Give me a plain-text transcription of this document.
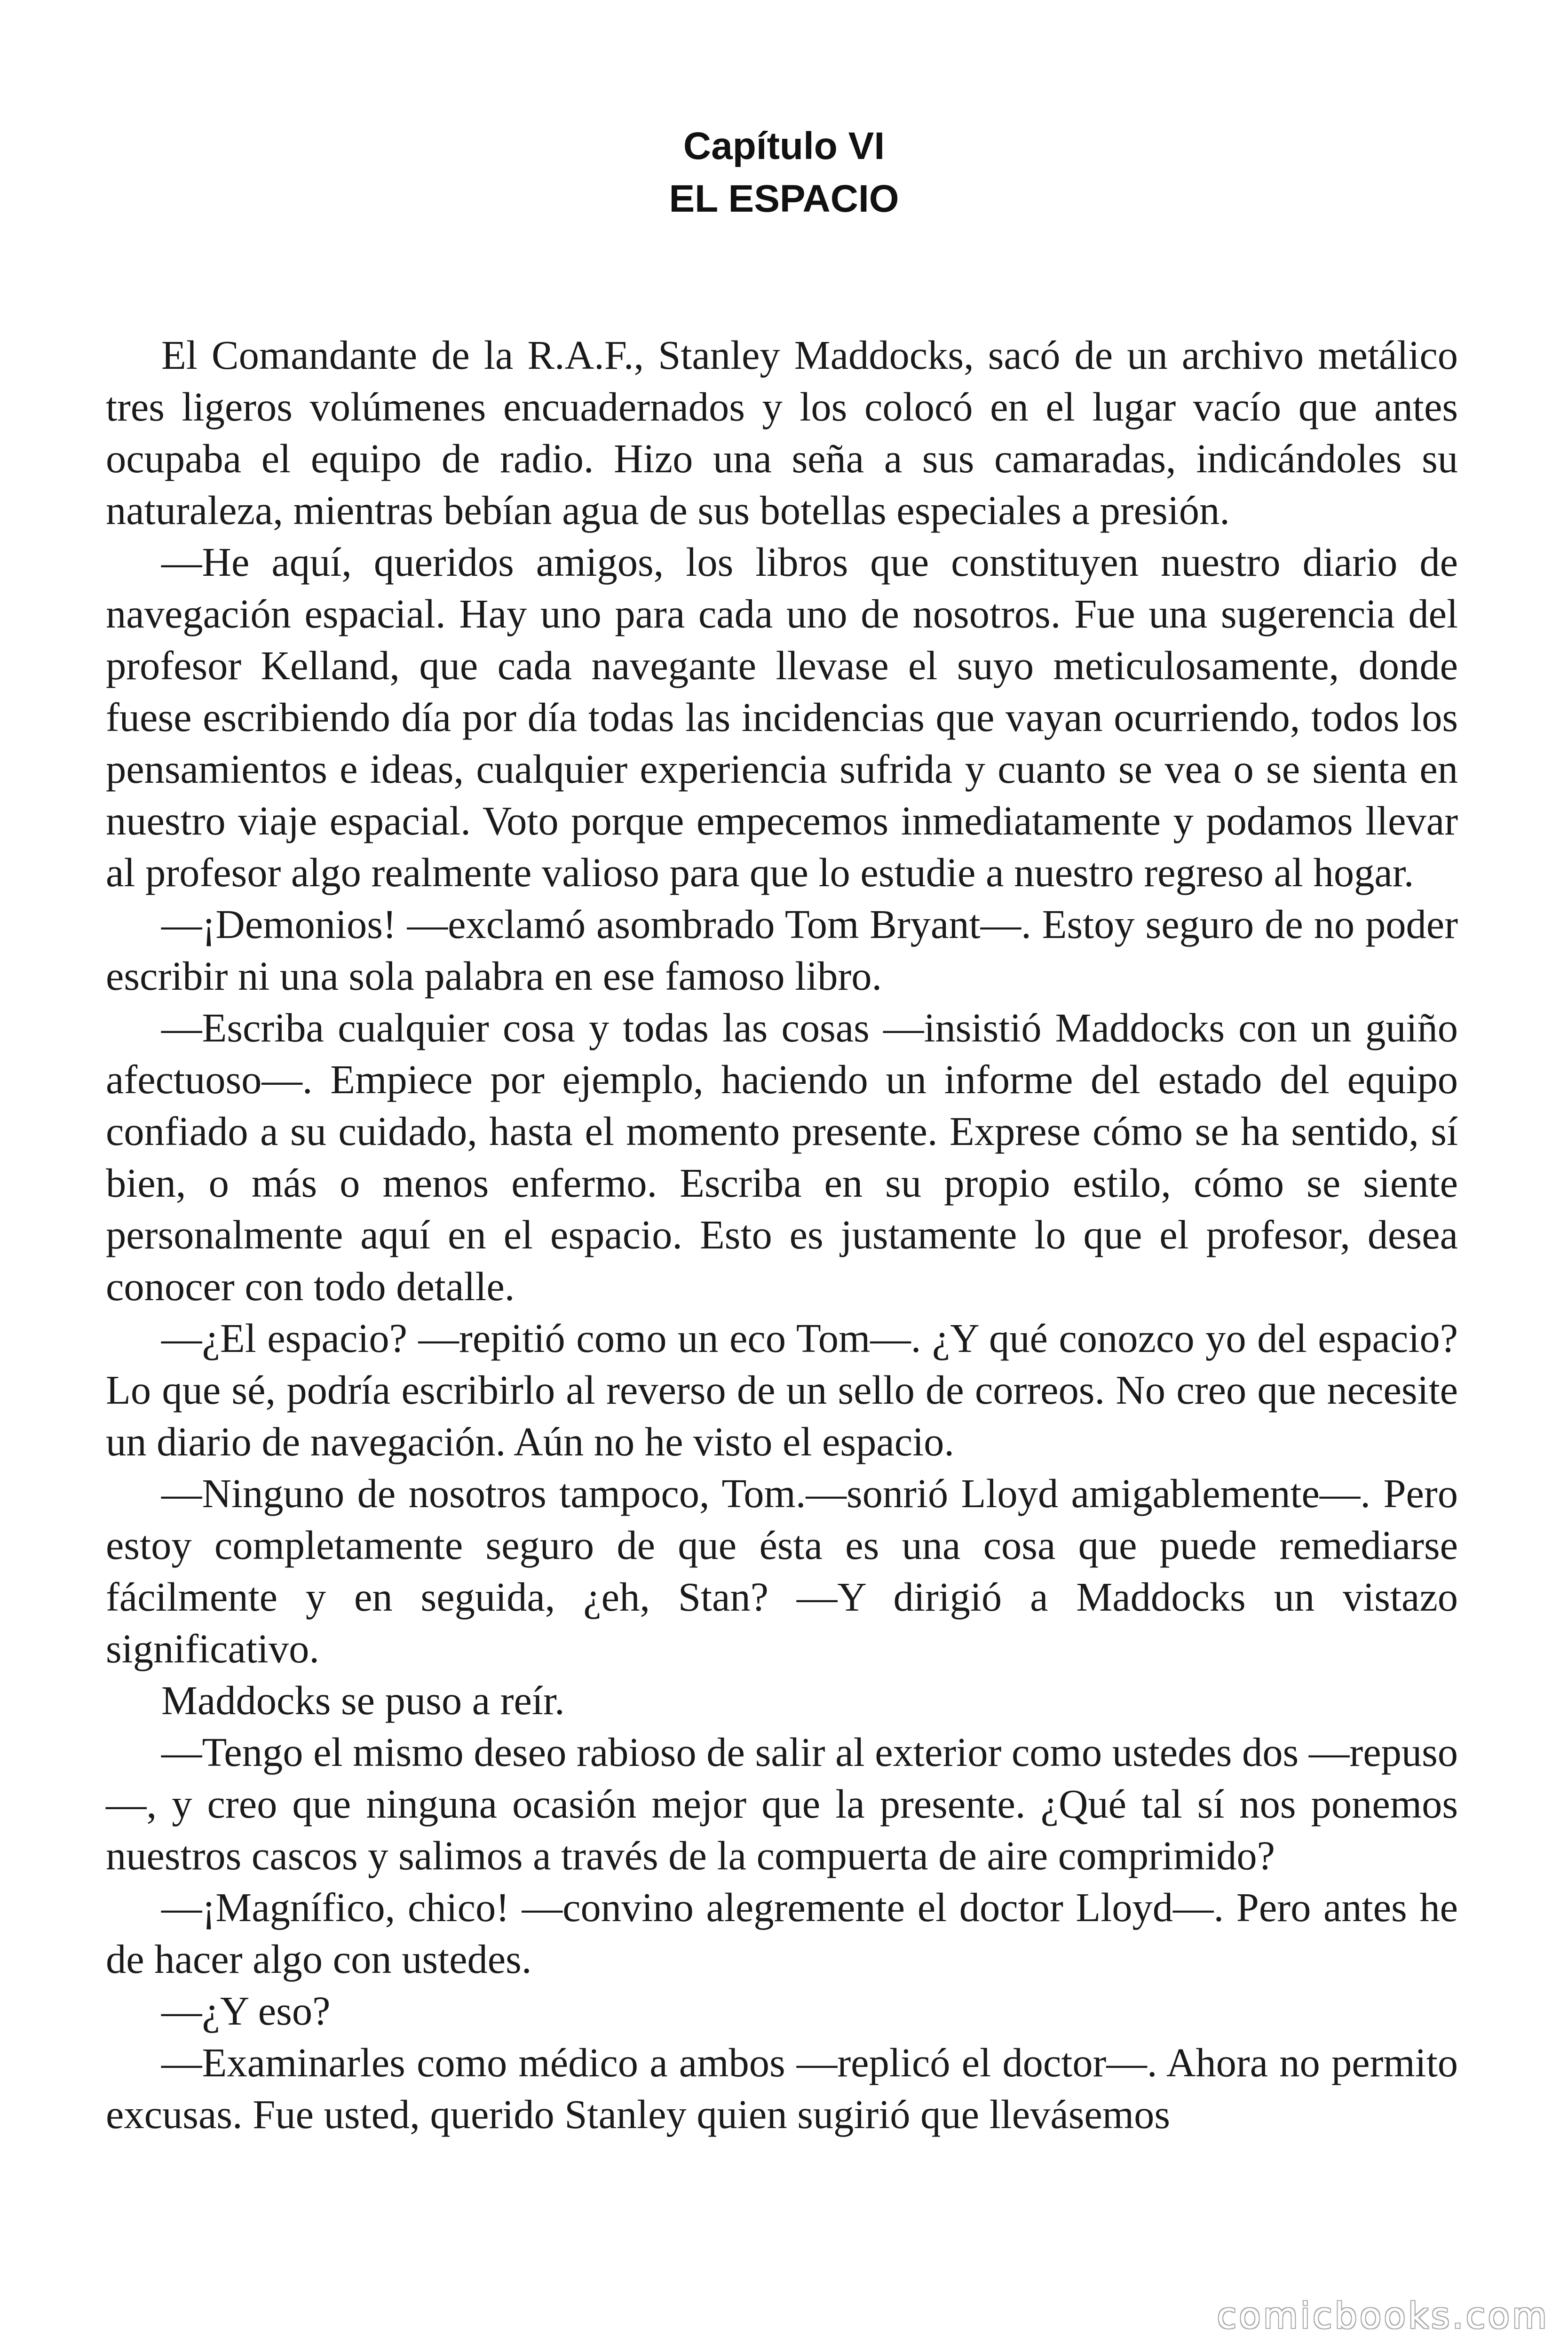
Capítulo VI
EL ESPACIO

El Comandante de la R.A.F., Stanley Maddocks, sacó de un archivo metálico tres ligeros volúmenes encuadernados y los colocó en el lugar vacío que antes ocupaba el equipo de radio. Hizo una seña a sus camaradas, indicándoles su naturaleza, mientras bebían agua de sus botellas especiales a presión.

—He aquí, queridos amigos, los libros que constituyen nuestro diario de navegación espacial. Hay uno para cada uno de nosotros. Fue una sugerencia del profesor Kelland, que cada navegante llevase el suyo meticulosamente, donde fuese escribiendo día por día todas las incidencias que vayan ocurriendo, todos los pensamientos e ideas, cualquier experiencia sufrida y cuanto se vea o se sienta en nuestro viaje espacial. Voto porque empecemos inmediatamente y podamos llevar al profesor algo realmente valioso para que lo estudie a nuestro regreso al hogar.

—¡Demonios! —exclamó asombrado Tom Bryant—. Estoy seguro de no poder escribir ni una sola palabra en ese famoso libro.

—Escriba cualquier cosa y todas las cosas —insistió Maddocks con un guiño afectuoso—. Empiece por ejemplo, haciendo un informe del estado del equipo confiado a su cuidado, hasta el momento presente. Exprese cómo se ha sentido, sí bien, o más o menos enfermo. Escriba en su propio estilo, cómo se siente personalmente aquí en el espacio. Esto es justamente lo que el profesor, desea conocer con todo detalle.

—¿El espacio? —repitió como un eco Tom—. ¿Y qué conozco yo del espacio? Lo que sé, podría escribirlo al reverso de un sello de correos. No creo que necesite un diario de navegación. Aún no he visto el espacio.

—Ninguno de nosotros tampoco, Tom.—sonrió Lloyd amigablemente—. Pero estoy completamente seguro de que ésta es una cosa que puede remediarse fácilmente y en seguida, ¿eh, Stan? —Y dirigió a Maddocks un vistazo significativo.

Maddocks se puso a reír.

—Tengo el mismo deseo rabioso de salir al exterior como ustedes dos —repuso—, y creo que ninguna ocasión mejor que la presente. ¿Qué tal sí nos ponemos nuestros cascos y salimos a través de la compuerta de aire comprimido?

—¡Magnífico, chico! —convino alegremente el doctor Lloyd—. Pero antes he de hacer algo con ustedes.

—¿Y eso?

—Examinarles como médico a ambos —replicó el doctor—. Ahora no permito excusas. Fue usted, querido Stanley quien sugirió que llevásemos

comicbooks.com
